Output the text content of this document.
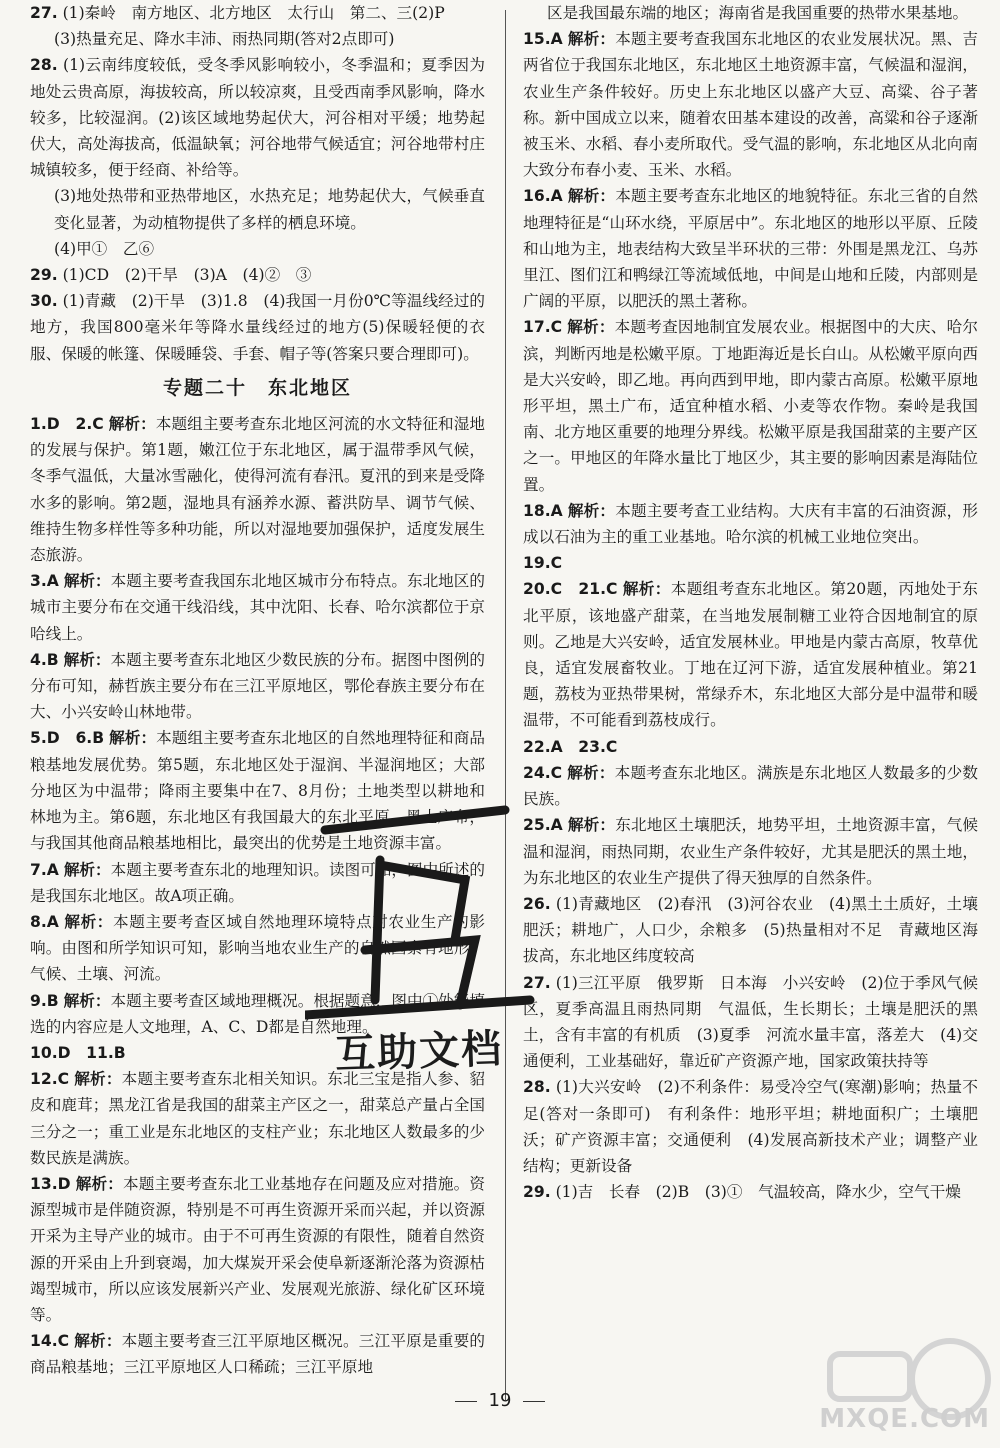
27. (1)秦岭　南方地区、北方地区　太行山　第二、三(2)P

(3)热量充足、降水丰沛、雨热同期(答对2点即可)

28. (1)云南纬度较低，受冬季风影响较小，冬季温和；夏季因为地处云贵高原，海拔较高，所以较凉爽，且受西南季风影响，降水较多，比较湿润。(2)该区域地势起伏大，河谷相对平缓；地势起伏大，高处海拔高，低温缺氧；河谷地带气候适宜；河谷地带村庄城镇较多，便于经商、补给等。

(3)地处热带和亚热带地区，水热充足；地势起伏大，气候垂直变化显著，为动植物提供了多样的栖息环境。

(4)甲①　乙⑥

29. (1)CD　(2)干旱　(3)A　(4)②　③

30. (1)青藏　(2)干旱　(3)1.8　(4)我国一月份0℃等温线经过的地方，我国800毫米年等降水量线经过的地方(5)保暖轻便的衣服、保暖的帐篷、保暖睡袋、手套、帽子等(答案只要合理即可)。

专题二十　东北地区

1.D　2.C 解析：本题组主要考查东北地区河流的水文特征和湿地的发展与保护。第1题，嫩江位于东北地区，属于温带季风气候，冬季气温低，大量冰雪融化，使得河流有春汛。夏汛的到来是受降水多的影响。第2题，湿地具有涵养水源、蓄洪防旱、调节气候、维持生物多样性等多种功能，所以对湿地要加强保护，适度发展生态旅游。

3.A 解析：本题主要考查我国东北地区城市分布特点。东北地区的城市主要分布在交通干线沿线，其中沈阳、长春、哈尔滨都位于京哈线上。

4.B 解析：本题主要考查东北地区少数民族的分布。据图中图例的分布可知，赫哲族主要分布在三江平原地区，鄂伦春族主要分布在大、小兴安岭山林地带。

5.D　6.B 解析：本题组主要考查东北地区的自然地理特征和商品粮基地发展优势。第5题，东北地区处于湿润、半湿润地区；大部分地区为中温带；降雨主要集中在7、8月份；土地类型以耕地和林地为主。第6题，东北地区有我国最大的东北平原，黑土广布，与我国其他商品粮基地相比，最突出的优势是土地资源丰富。

7.A 解析：本题主要考查东北的地理知识。读图可知，图中所述的是我国东北地区。故A项正确。

8.A 解析：本题主要考查区域自然地理环境特点对农业生产的影响。由图和所学知识可知，影响当地农业生产的自然因素有地形、气候、土壤、河流。

9.B 解析：本题主要考查区域地理概况。根据题意，图中①处能填选的内容应是人文地理，A、C、D都是自然地理。

10.D　11.B

12.C 解析：本题主要考查东北相关知识。东北三宝是指人参、貂皮和鹿茸；黑龙江省是我国的甜菜主产区之一，甜菜总产量占全国三分之一；重工业是东北地区的支柱产业；东北地区人数最多的少数民族是满族。

13.D 解析：本题主要考查东北工业基地存在问题及应对措施。资源型城市是伴随资源，特别是不可再生资源开采而兴起，并以资源开采为主导产业的城市。由于不可再生资源的有限性，随着自然资源的开采由上升到衰竭，加大煤炭开采会使阜新逐渐沦落为资源枯竭型城市，所以应该发展新兴产业、发展观光旅游、绿化矿区环境等。

14.C 解析：本题主要考查三江平原地区概况。三江平原是重要的商品粮基地；三江平原地区人口稀疏；三江平原地

区是我国最东端的地区；海南省是我国重要的热带水果基地。

15.A 解析：本题主要考查我国东北地区的农业发展状况。黑、吉两省位于我国东北地区，东北地区土地资源丰富，气候温和湿润，农业生产条件较好。历史上东北地区以盛产大豆、高粱、谷子著称。新中国成立以来，随着农田基本建设的改善，高粱和谷子逐渐被玉米、水稻、春小麦所取代。受气温的影响，东北地区从北向南大致分布春小麦、玉米、水稻。

16.A 解析：本题主要考查东北地区的地貌特征。东北三省的自然地理特征是“山环水绕，平原居中”。东北地区的地形以平原、丘陵和山地为主，地表结构大致呈半环状的三带：外围是黑龙江、乌苏里江、图们江和鸭绿江等流域低地，中间是山地和丘陵，内部则是广阔的平原，以肥沃的黑土著称。

17.C 解析：本题考查因地制宜发展农业。根据图中的大庆、哈尔滨，判断丙地是松嫩平原。丁地距海近是长白山。从松嫩平原向西是大兴安岭，即乙地。再向西到甲地，即内蒙古高原。松嫩平原地形平坦，黑土广布，适宜种植水稻、小麦等农作物。秦岭是我国南、北方地区重要的地理分界线。松嫩平原是我国甜菜的主要产区之一。甲地区的年降水量比丁地区少，其主要的影响因素是海陆位置。

18.A 解析：本题主要考查工业结构。大庆有丰富的石油资源，形成以石油为主的重工业基地。哈尔滨的机械工业地位突出。

19.C

20.C　21.C 解析：本题组考查东北地区。第20题，丙地处于东北平原，该地盛产甜菜，在当地发展制糖工业符合因地制宜的原则。乙地是大兴安岭，适宜发展林业。甲地是内蒙古高原，牧草优良，适宜发展畜牧业。丁地在辽河下游，适宜发展种植业。第21题，荔枝为亚热带果树，常绿乔木，东北地区大部分是中温带和暖温带，不可能看到荔枝成行。

22.A　23.C

24.C 解析：本题考查东北地区。满族是东北地区人数最多的少数民族。

25.A 解析：东北地区土壤肥沃，地势平坦，土地资源丰富，气候温和湿润，雨热同期，农业生产条件较好，尤其是肥沃的黑土地，为东北地区的农业生产提供了得天独厚的自然条件。

26. (1)青藏地区　(2)春汛　(3)河谷农业　(4)黑土土质好，土壤肥沃；耕地广，人口少，余粮多　(5)热量相对不足　青藏地区海拔高，东北地区纬度较高

27. (1)三江平原　俄罗斯　日本海　小兴安岭　(2)位于季风气候区，夏季高温且雨热同期　气温低，生长期长；土壤是肥沃的黑土，含有丰富的有机质　(3)夏季　河流水量丰富，落差大　(4)交通便利，工业基础好，靠近矿产资源产地，国家政策扶持等

28. (1)大兴安岭　(2)不利条件：易受冷空气(寒潮)影响；热量不足(答对一条即可)　有利条件：地形平坦；耕地面积广；土壤肥沃；矿产资源丰富；交通便利　(4)发展高新技术产业；调整产业结构；更新设备

29. (1)吉　长春　(2)B　(3)①　气温较高，降水少，空气干燥

互助文档
19
MXQE.COM
